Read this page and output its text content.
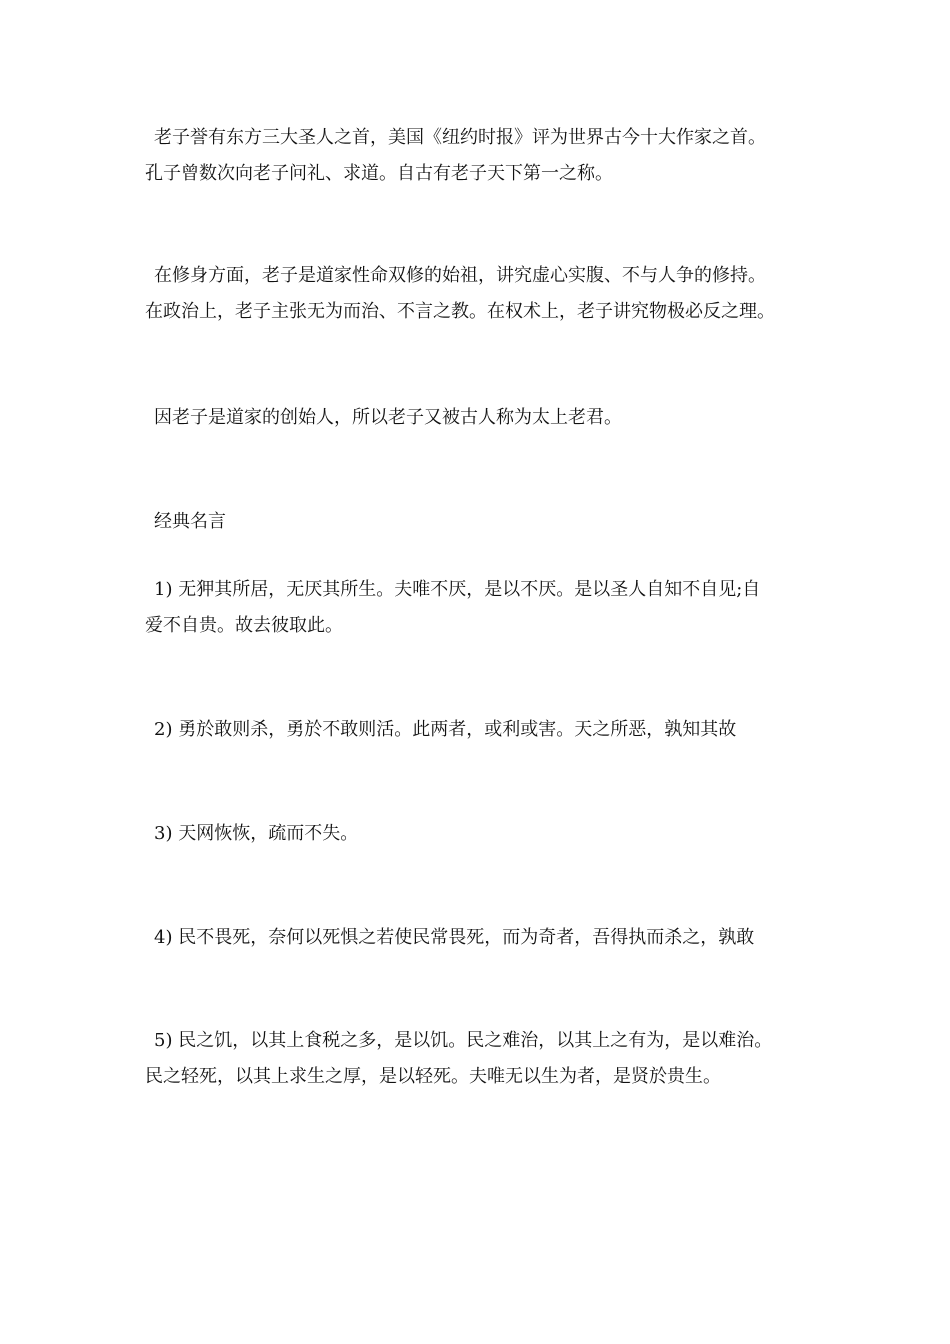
老子誉有东方三大圣人之首，美国《纽约时报》评为世界古今十大作家之首。
孔子曾数次向老子问礼、求道。自古有老子天下第一之称。

在修身方面，老子是道家性命双修的始祖，讲究虚心实腹、不与人争的修持。
在政治上，老子主张无为而治、不言之教。在权术上，老子讲究物极必反之理。

因老子是道家的创始人，所以老子又被古人称为太上老君。

经典名言

1) 无狎其所居，无厌其所生。夫唯不厌，是以不厌。是以圣人自知不自见;自
爱不自贵。故去彼取此。

2) 勇於敢则杀，勇於不敢则活。此两者，或利或害。天之所恶，孰知其故

3) 天网恢恢，疏而不失。

4) 民不畏死，奈何以死惧之若使民常畏死，而为奇者，吾得执而杀之，孰敢

5) 民之饥，以其上食税之多，是以饥。民之难治，以其上之有为，是以难治。
民之轻死，以其上求生之厚，是以轻死。夫唯无以生为者，是贤於贵生。
